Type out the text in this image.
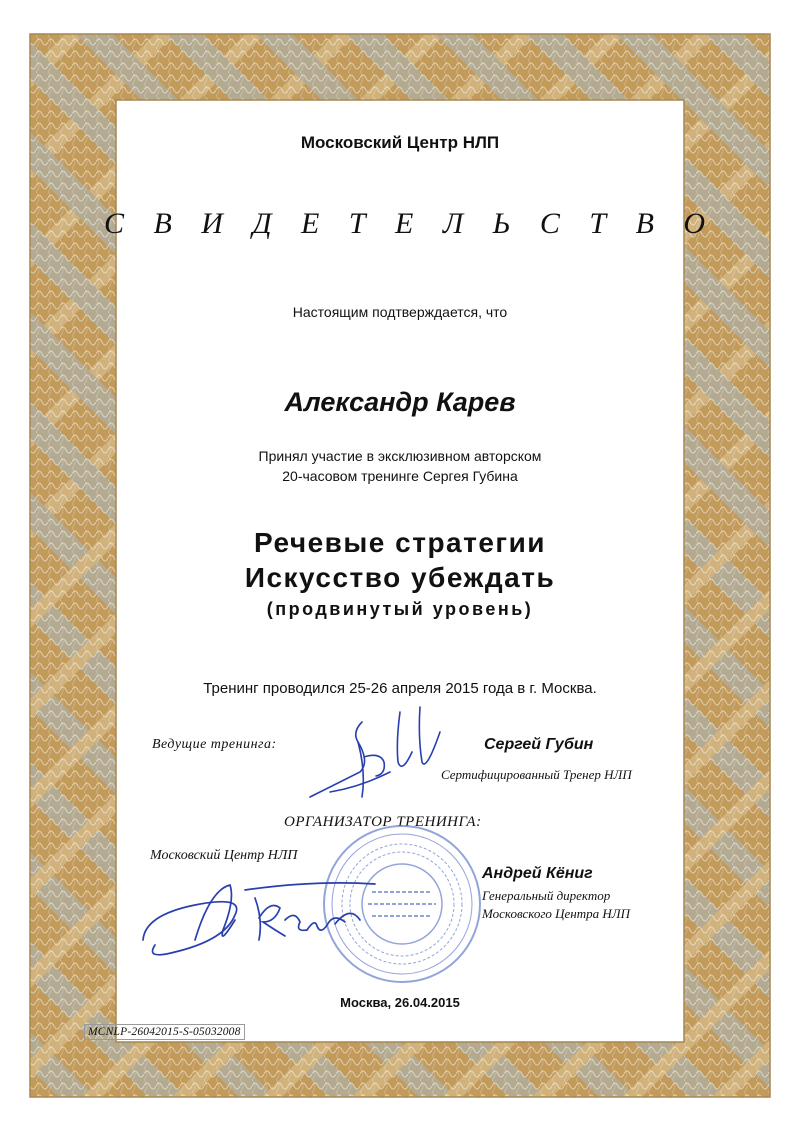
Московский Центр НЛП
С В И Д Е Т Е Л Ь С Т В О
Настоящим подтверждается, что
Александр Карев
Принял участие в эксклюзивном авторском
20-часовом тренинге Сергея Губина
Речевые стратегии
Искусство убеждать
(продвинутый уровень)
Тренинг проводился 25-26 апреля 2015 года в г. Москва.
Ведущие тренинга:	Сергей Губин
Сертифицированный Тренер НЛП
ОРГАНИЗАТОР ТРЕНИНГА:
Московский Центр НЛП
Андрей Кёниг
Генеральный директор
Московского Центра НЛП
Москва, 26.04.2015
MCNLP-26042015-S-05032008
